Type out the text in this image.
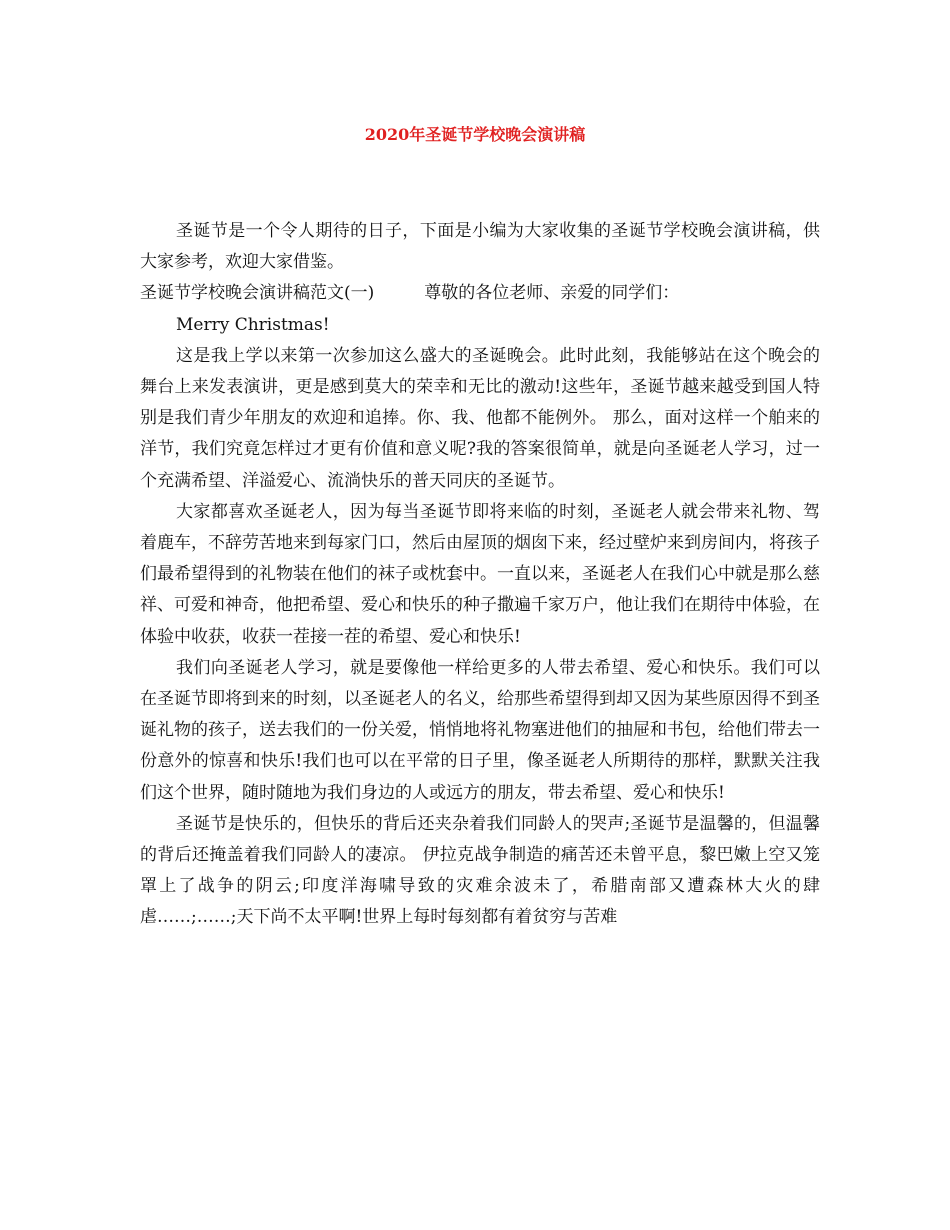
2020年圣诞节学校晚会演讲稿

圣诞节是一个令人期待的日子，下面是小编为大家收集的圣诞节学校晚会演讲稿，供大家参考，欢迎大家借鉴。

圣诞节学校晚会演讲稿范文(一)	尊敬的各位老师、亲爱的同学们：

Merry Christmas!

这是我上学以来第一次参加这么盛大的圣诞晚会。此时此刻，我能够站在这个晚会的舞台上来发表演讲，更是感到莫大的荣幸和无比的激动!这些年，圣诞节越来越受到国人特别是我们青少年朋友的欢迎和追捧。你、我、他都不能例外。 那么，面对这样一个舶来的洋节，我们究竟怎样过才更有价值和意义呢?我的答案很简单，就是向圣诞老人学习，过一个充满希望、洋溢爱心、流淌快乐的普天同庆的圣诞节。

大家都喜欢圣诞老人，因为每当圣诞节即将来临的时刻，圣诞老人就会带来礼物、驾着鹿车，不辞劳苦地来到每家门口，然后由屋顶的烟囱下来，经过壁炉来到房间内，将孩子们最希望得到的礼物装在他们的袜子或枕套中。一直以来，圣诞老人在我们心中就是那么慈祥、可爱和神奇，他把希望、爱心和快乐的种子撒遍千家万户，他让我们在期待中体验，在体验中收获，收获一茬接一茬的希望、爱心和快乐!

我们向圣诞老人学习，就是要像他一样给更多的人带去希望、爱心和快乐。我们可以在圣诞节即将到来的时刻，以圣诞老人的名义，给那些希望得到却又因为某些原因得不到圣诞礼物的孩子，送去我们的一份关爱，悄悄地将礼物塞进他们的抽屉和书包，给他们带去一份意外的惊喜和快乐!我们也可以在平常的日子里，像圣诞老人所期待的那样，默默关注我们这个世界，随时随地为我们身边的人或远方的朋友，带去希望、爱心和快乐!

圣诞节是快乐的，但快乐的背后还夹杂着我们同龄人的哭声;圣诞节是温馨的，但温馨的背后还掩盖着我们同龄人的凄凉。 伊拉克战争制造的痛苦还未曾平息，黎巴嫩上空又笼罩上了战争的阴云;印度洋海啸导致的灾难余波未了，希腊南部又遭森林大火的肆虐……;……;天下尚不太平啊!世界上每时每刻都有着贫穷与苦难
